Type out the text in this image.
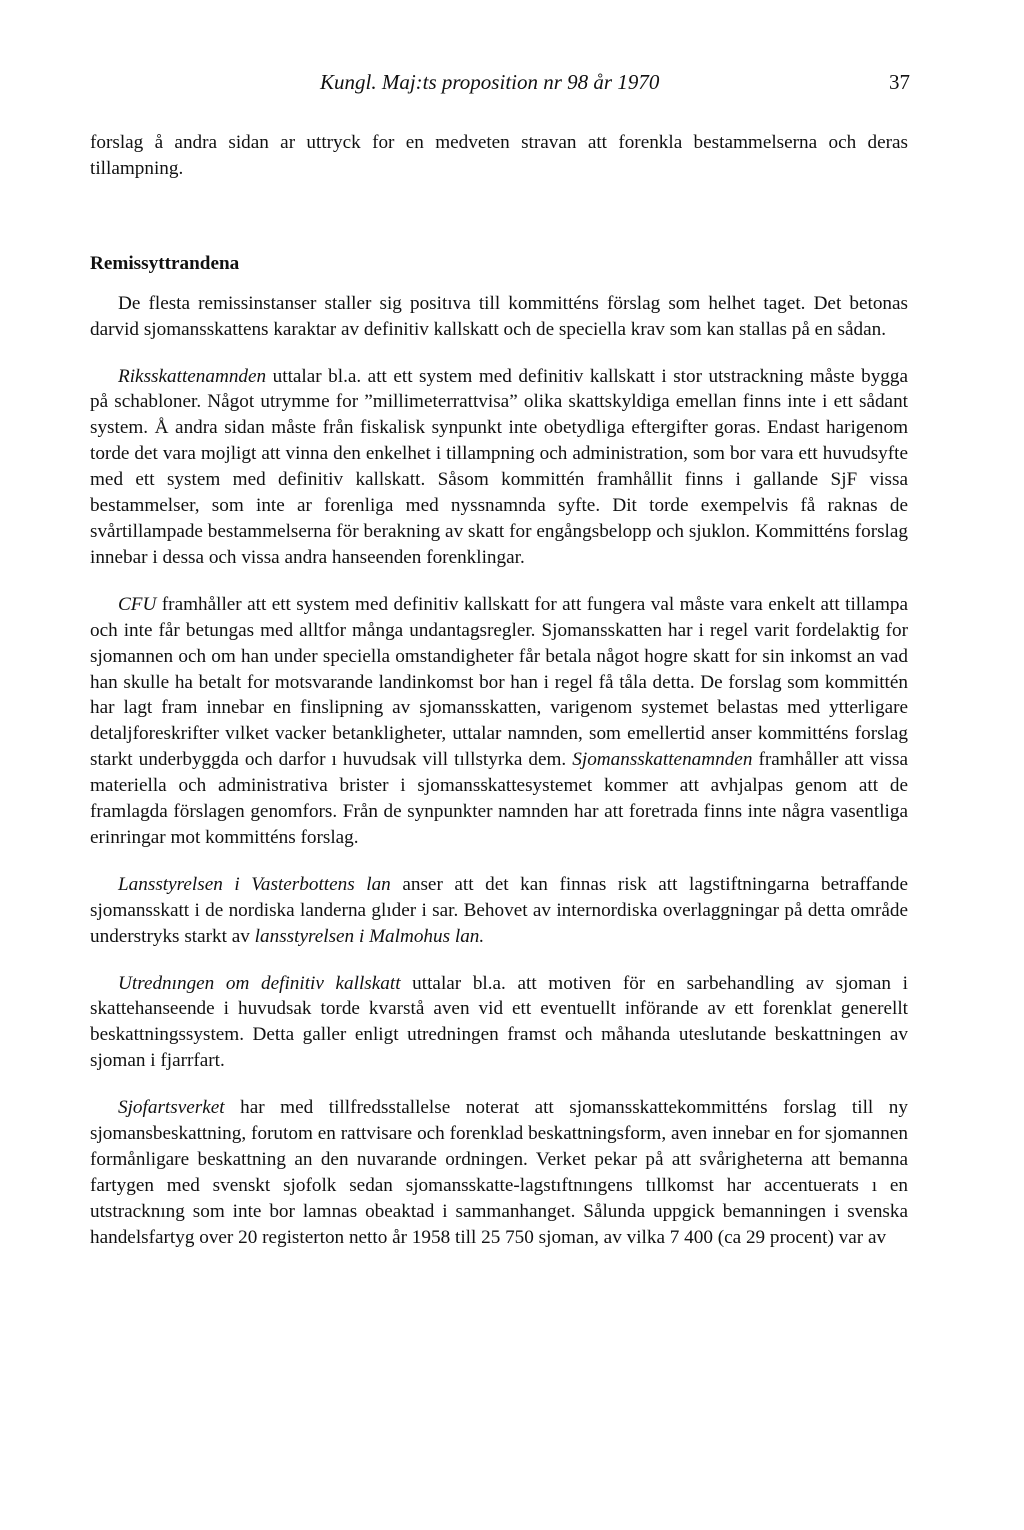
Kungl. Maj:ts proposition nr 98 år 1970	37

forslag å andra sidan ar uttryck for en medveten stravan att forenkla bestammelserna och deras tillampning.

Remissyttrandena

De flesta remissinstanser staller sig positıva till kommitténs förslag som helhet taget. Det betonas darvid sjomansskattens karaktar av definitiv kallskatt och de speciella krav som kan stallas på en sådan.

Riksskattenamnden uttalar bl.a. att ett system med definitiv kallskatt i stor utstrackning måste bygga på schabloner. Något utrymme for ”millimeterrattvisa” olika skattskyldiga emellan finns inte i ett sådant system. Å andra sidan måste från fiskalisk synpunkt inte obetydliga eftergifter goras. Endast harigenom torde det vara mojligt att vinna den enkelhet i tillampning och administration, som bor vara ett huvudsyfte med ett system med definitiv kallskatt. Såsom kommittén framhållit finns i gallande SjF vissa bestammelser, som inte ar forenliga med nyssnamnda syfte. Dit torde exempelvis få raknas de svårtillampade bestammelserna för berakning av skatt for engångsbelopp och sjuklon. Kommitténs forslag innebar i dessa och vissa andra hanseenden forenklingar.

CFU framhåller att ett system med definitiv kallskatt for att fungera val måste vara enkelt att tillampa och inte får betungas med alltfor många undantagsregler. Sjomansskatten har i regel varit fordelaktig for sjomannen och om han under speciella omstandigheter får betala något hogre skatt for sin inkomst an vad han skulle ha betalt for motsvarande landinkomst bor han i regel få tåla detta. De forslag som kommittén har lagt fram innebar en finslipning av sjomansskatten, varigenom systemet belastas med ytterligare detaljforeskrifter vılket vacker betankligheter, uttalar namnden, som emellertid anser kommitténs forslag starkt underbyggda och darfor ı huvudsak vill tıllstyrka dem. Sjomansskattenamnden framhåller att vissa materiella och administrativa brister i sjomansskattesystemet kommer att avhjalpas genom att de framlagda förslagen genomfors. Från de synpunkter namnden har att foretrada finns inte några vasentliga erinringar mot kommitténs forslag.

Lansstyrelsen i Vasterbottens lan anser att det kan finnas risk att lagstiftningarna betraffande sjomansskatt i de nordiska landerna glıder i sar. Behovet av internordiska overlaggningar på detta område understryks starkt av lansstyrelsen i Malmohus lan.

Utrednıngen om definitiv kallskatt uttalar bl.a. att motiven för en sarbehandling av sjoman i skattehanseende i huvudsak torde kvarstå aven vid ett eventuellt införande av ett forenklat generellt beskattningssystem. Detta galler enligt utredningen framst och måhanda uteslutande beskattningen av sjoman i fjarrfart.

Sjofartsverket har med tillfredsstallelse noterat att sjomansskattekommitténs forslag till ny sjomansbeskattning, forutom en rattvisare och forenklad beskattningsform, aven innebar en for sjomannen formånligare beskattning an den nuvarande ordningen. Verket pekar på att svårigheterna att bemanna fartygen med svenskt sjofolk sedan sjomansskatte-lagstıftnıngens tıllkomst har accentuerats ı en utstracknıng som inte bor lamnas obeaktad i sammanhanget. Sålunda uppgick bemanningen i svenska handelsfartyg over 20 registerton netto år 1958 till 25 750 sjoman, av vilka 7 400 (ca 29 procent) var av
